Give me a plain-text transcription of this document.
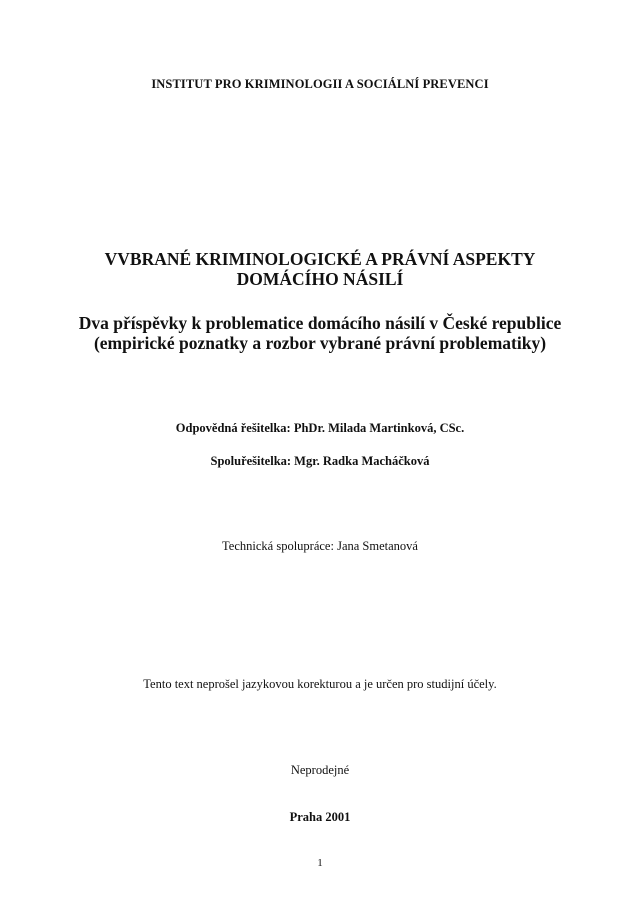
INSTITUT PRO KRIMINOLOGII A SOCIÁLNÍ PREVENCI
VVBRANÉ KRIMINOLOGICKÉ A PRÁVNÍ ASPEKTY
DOMÁCÍHO NÁSILÍ
Dva příspěvky k problematice domácího násilí v České republice
(empirické poznatky a rozbor vybrané právní problematiky)
Odpovědná řešitelka: PhDr. Milada Martinková, CSc.
Spoluřešitelka: Mgr. Radka Macháčková
Technická spolupráce: Jana Smetanová
Tento text neprošel jazykovou korekturou a je určen pro studijní účely.
Neprodejné
Praha 2001
1
